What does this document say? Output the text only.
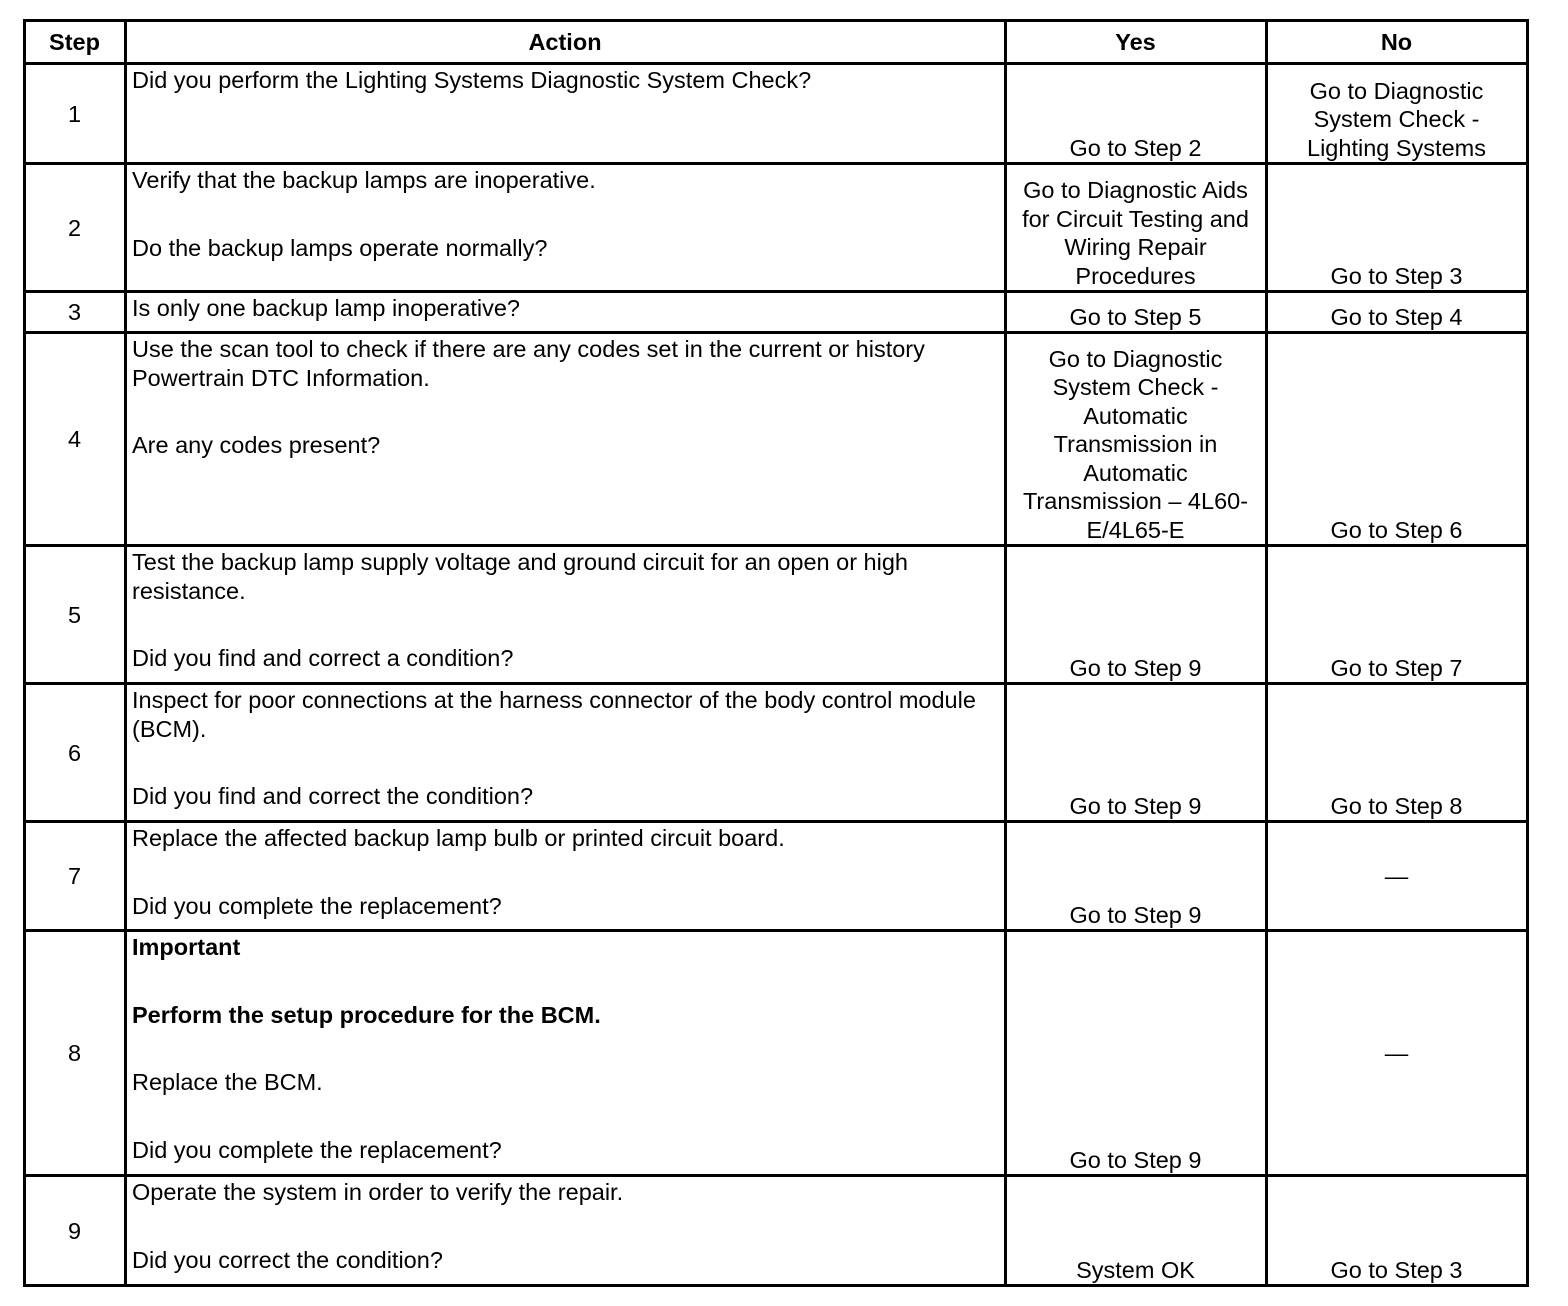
Step	Action	Yes	No
1	Did you perform the Lighting Systems Diagnostic System Check?	Go to Step 2	Go to Diagnostic System Check - Lighting Systems
2	Verify that the backup lamps are inoperative.

Do the backup lamps operate normally?	Go to Diagnostic Aids for Circuit Testing and Wiring Repair Procedures	Go to Step 3
3	Is only one backup lamp inoperative?	Go to Step 5	Go to Step 4
4	Use the scan tool to check if there are any codes set in the current or history Powertrain DTC Information.

Are any codes present?	Go to Diagnostic System Check - Automatic Transmission in Automatic Transmission – 4L60-E/4L65-E	Go to Step 6
5	Test the backup lamp supply voltage and ground circuit for an open or high resistance.

Did you find and correct a condition?	Go to Step 9	Go to Step 7
6	Inspect for poor connections at the harness connector of the body control module (BCM).

Did you find and correct the condition?	Go to Step 9	Go to Step 8
7	Replace the affected backup lamp bulb or printed circuit board.

Did you complete the replacement?	Go to Step 9	—
8	Important

Perform the setup procedure for the BCM.

Replace the BCM.

Did you complete the replacement?	Go to Step 9	—
9	Operate the system in order to verify the repair.

Did you correct the condition?	System OK	Go to Step 3
